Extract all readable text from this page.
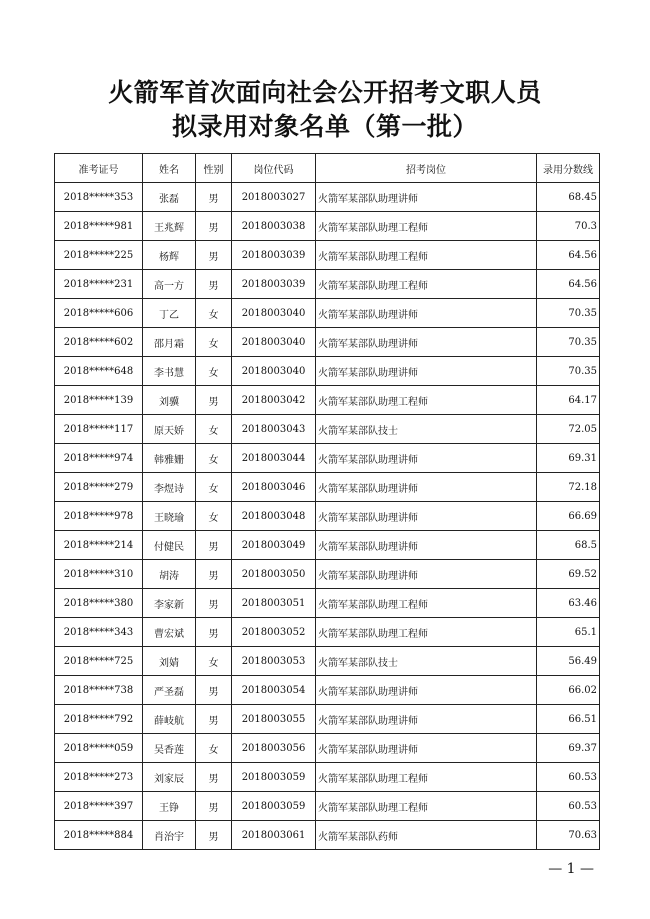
火箭军首次面向社会公开招考文职人员
拟录用对象名单（第一批）
准考证号	姓名	性别	岗位代码	招考岗位	录用分数线
2018*****353	张磊	男	2018003027	火箭军某部队助理讲师	68.45
2018*****981	王兆辉	男	2018003038	火箭军某部队助理工程师	70.3
2018*****225	杨辉	男	2018003039	火箭军某部队助理工程师	64.56
2018*****231	高一方	男	2018003039	火箭军某部队助理工程师	64.56
2018*****606	丁乙	女	2018003040	火箭军某部队助理讲师	70.35
2018*****602	邵月霜	女	2018003040	火箭军某部队助理讲师	70.35
2018*****648	李书慧	女	2018003040	火箭军某部队助理讲师	70.35
2018*****139	刘骥	男	2018003042	火箭军某部队助理工程师	64.17
2018*****117	原天娇	女	2018003043	火箭军某部队技士	72.05
2018*****974	韩雅姗	女	2018003044	火箭军某部队助理讲师	69.31
2018*****279	李煜诗	女	2018003046	火箭军某部队助理讲师	72.18
2018*****978	王晓瑜	女	2018003048	火箭军某部队助理讲师	66.69
2018*****214	付健民	男	2018003049	火箭军某部队助理讲师	68.5
2018*****310	胡涛	男	2018003050	火箭军某部队助理讲师	69.52
2018*****380	李家新	男	2018003051	火箭军某部队助理工程师	63.46
2018*****343	曹宏斌	男	2018003052	火箭军某部队助理工程师	65.1
2018*****725	刘婧	女	2018003053	火箭军某部队技士	56.49
2018*****738	严圣磊	男	2018003054	火箭军某部队助理讲师	66.02
2018*****792	薛岐航	男	2018003055	火箭军某部队助理讲师	66.51
2018*****059	吴香莲	女	2018003056	火箭军某部队助理讲师	69.37
2018*****273	刘家辰	男	2018003059	火箭军某部队助理工程师	60.53
2018*****397	王铮	男	2018003059	火箭军某部队助理工程师	60.53
2018*****884	肖治宇	男	2018003061	火箭军某部队药师	70.63
— 1 —
